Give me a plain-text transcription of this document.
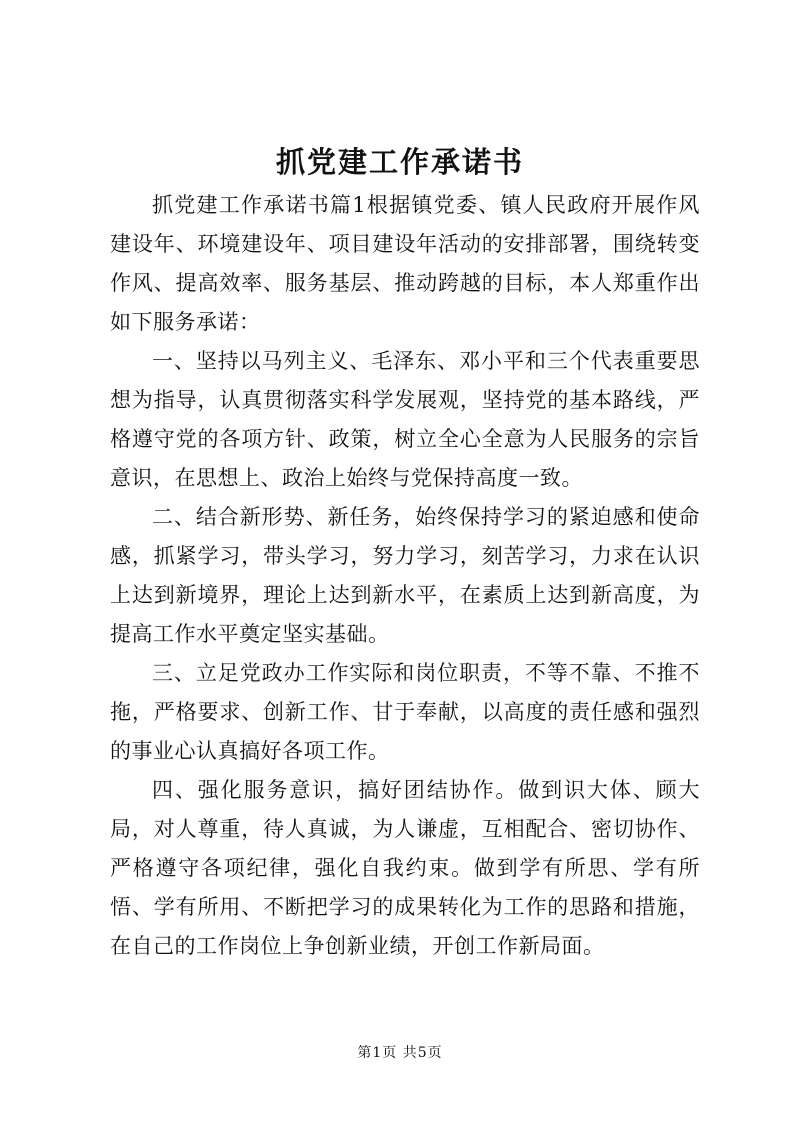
抓党建工作承诺书

抓党建工作承诺书篇1根据镇党委、镇人民政府开展作风建设年、环境建设年、项目建设年活动的安排部署，围绕转变作风、提高效率、服务基层、推动跨越的目标，本人郑重作出如下服务承诺：

一、坚持以马列主义、毛泽东、邓小平和三个代表重要思想为指导，认真贯彻落实科学发展观，坚持党的基本路线，严格遵守党的各项方针、政策，树立全心全意为人民服务的宗旨意识，在思想上、政治上始终与党保持高度一致。

二、结合新形势、新任务，始终保持学习的紧迫感和使命感，抓紧学习，带头学习，努力学习，刻苦学习，力求在认识上达到新境界，理论上达到新水平，在素质上达到新高度，为提高工作水平奠定坚实基础。

三、立足党政办工作实际和岗位职责，不等不靠、不推不拖，严格要求、创新工作、甘于奉献，以高度的责任感和强烈的事业心认真搞好各项工作。

四、强化服务意识，搞好团结协作。做到识大体、顾大局，对人尊重，待人真诚，为人谦虚，互相配合、密切协作、严格遵守各项纪律，强化自我约束。做到学有所思、学有所悟、学有所用、不断把学习的成果转化为工作的思路和措施，在自己的工作岗位上争创新业绩，开创工作新局面。

第1页 共5页
